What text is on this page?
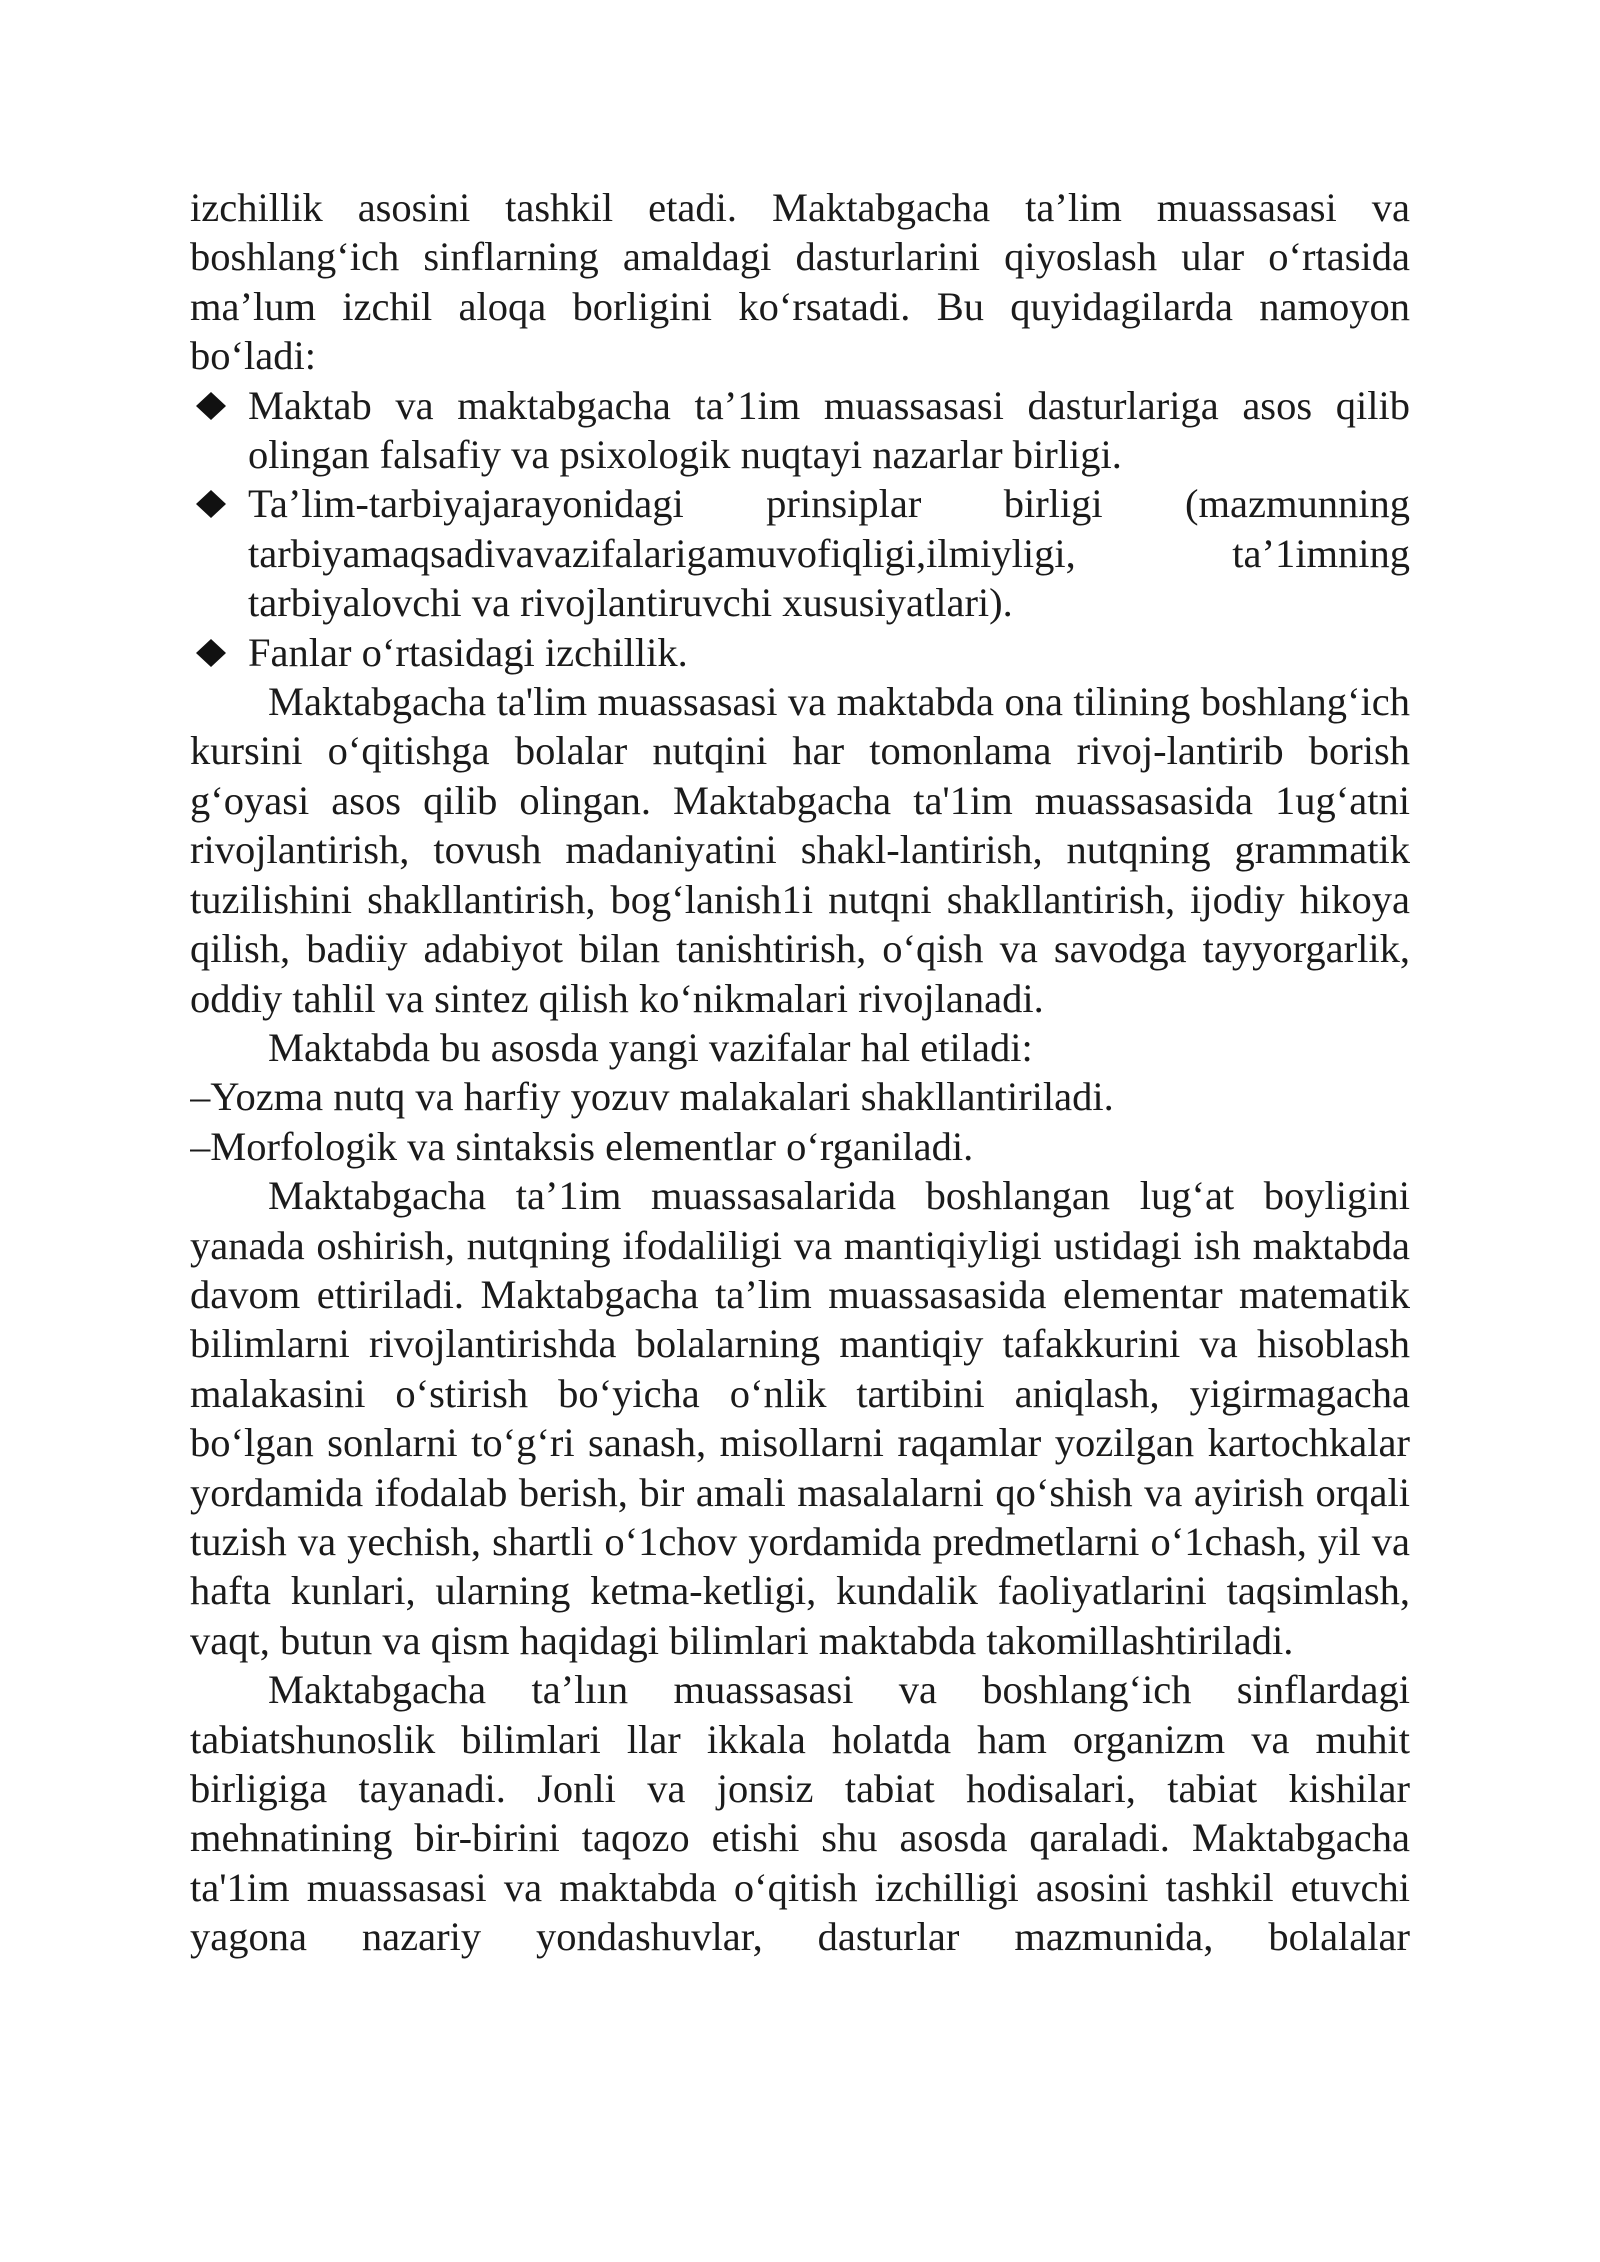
izchillik asosini tashkil etadi. Maktabgacha ta’lim muassasasi va boshlang‘ich sinflarning amaldagi dasturlarini qiyoslash ular o‘rtasida ma’lum izchil aloqa borligini ko‘rsatadi. Bu quyidagilarda namoyon bo‘ladi:

Maktab va maktabgacha ta’1im muassasasi dasturlariga asos qilib olingan falsafiy va psixologik nuqtayi nazarlar birligi.
Ta’lim-tarbiyajarayonidagi prinsiplar birligi (mazmunning tarbiyamaqsadivavazifalarigamuvofiqligi,ilmiyligi, ta’1imning tarbiyalovchi va rivojlantiruvchi xususiyatlari).
Fanlar o‘rtasidagi izchillik.

Maktabgacha ta'lim muassasasi va maktabda ona tilining boshlang‘ich kursini o‘qitishga bolalar nutqini har tomonlama rivoj-lantirib borish g‘oyasi asos qilib olingan. Maktabgacha ta'1im muassasasida 1ug‘atni rivojlantirish, tovush madaniyatini shakl-lantirish, nutqning grammatik tuzilishini shakllantirish, bog‘lanish1i nutqni shakllantirish, ijodiy hikoya qilish, badiiy adabiyot bilan tanishtirish, o‘qish va savodga tayyorgarlik, oddiy tahlil va sintez qilish ko‘nikmalari rivojlanadi.

Maktabda bu asosda yangi vazifalar hal etiladi:

–Yozma nutq va harfiy yozuv malakalari shakllantiriladi.

–Morfologik va sintaksis elementlar o‘rganiladi.

Maktabgacha ta’1im muassasalarida boshlangan lug‘at boyligini yanada oshirish, nutqning ifodaliligi va mantiqiyligi ustidagi ish maktabda davom ettiriladi. Maktabgacha ta’lim muassasasida elementar matematik bilimlarni rivojlantirishda bolalarning mantiqiy tafakkurini va hisoblash malakasini o‘stirish bo‘yicha o‘nlik tartibini aniqlash, yigirmagacha bo‘lgan sonlarni to‘g‘ri sanash, misollarni raqamlar yozilgan kartochkalar yordamida ifodalab berish, bir amali masalalarni qo‘shish va ayirish orqali tuzish va yechish, shartli o‘1chov yordamida predmetlarni o‘1chash, yil va hafta kunlari, ularning ketma-ketligi, kundalik faoliyatlarini taqsimlash, vaqt, butun va qism haqidagi bilimlari maktabda takomillashtiriladi.

Maktabgacha ta’lıın muassasasi va boshlang‘ich sinflardagi tabiatshunoslik bilimlari llar ikkala holatda ham organizm va muhit birligiga tayanadi. Jonli va jonsiz tabiat hodisalari, tabiat kishilar mehnatining bir-birini taqozo etishi shu asosda qaraladi. Maktabgacha ta'1im muassasasi va maktabda o‘qitish izchilligi asosini tashkil etuvchi yagona nazariy yondashuvlar, dasturlar mazmunida, bolalalar
